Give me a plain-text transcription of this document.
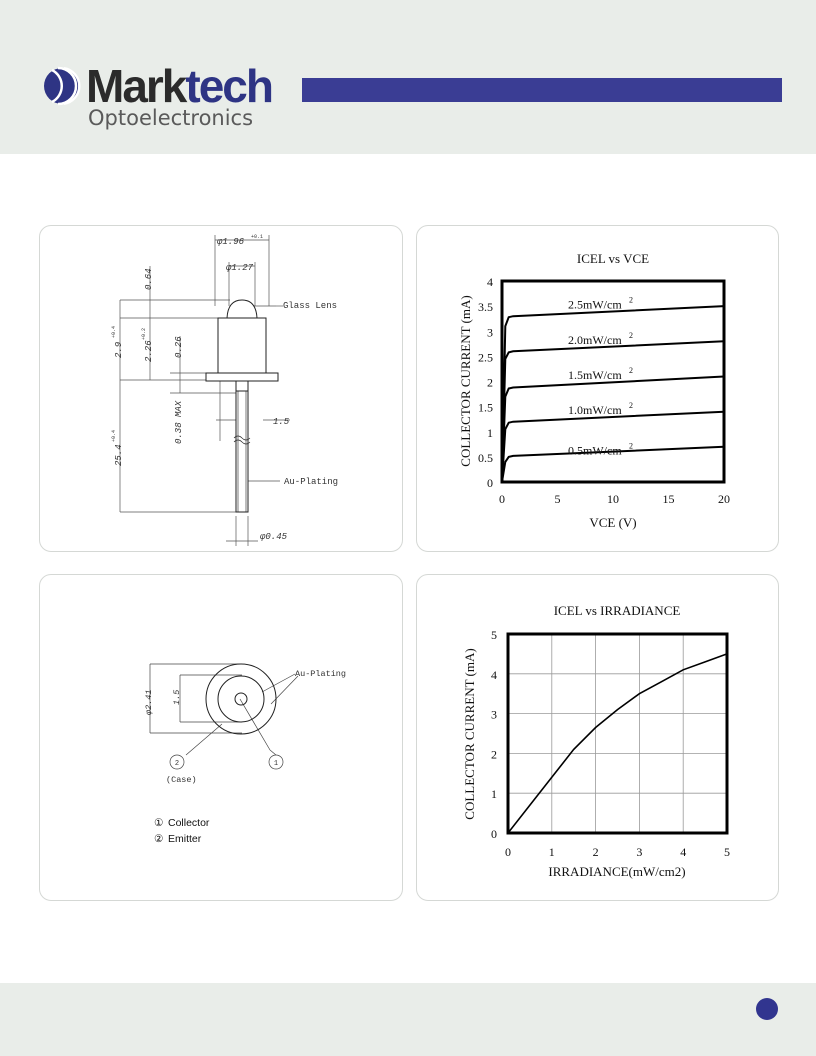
Marktech
Optoelectronics
φ1.96 +0.1
φ1.27
Glass Lens
1.5
Au-Plating
φ0.45
0.64
2.9
+0.4
2.26
+0.2
0.26
0.38 MAX
25.4
+0.4
ICEL vs VCE
VCE (V)
COLLECTOR CURRENT (mA)
0	5	10	15	20
0
0.5
1
1.5
2
2.5
3
3.5
4
0.5mW/cm 2
1.0mW/cm 2
1.5mW/cm 2
2.0mW/cm 2
2.5mW/cm 2
Au-Plating
2	1
(Case)
φ2.41 1.5
① Collector
② Emitter
ICEL vs IRRADIANCE
IRRADIANCE(mW/cm2)
COLLECTOR CURRENT (mA)
0	1	2	3	4	5
0
1
2
3
4
5
